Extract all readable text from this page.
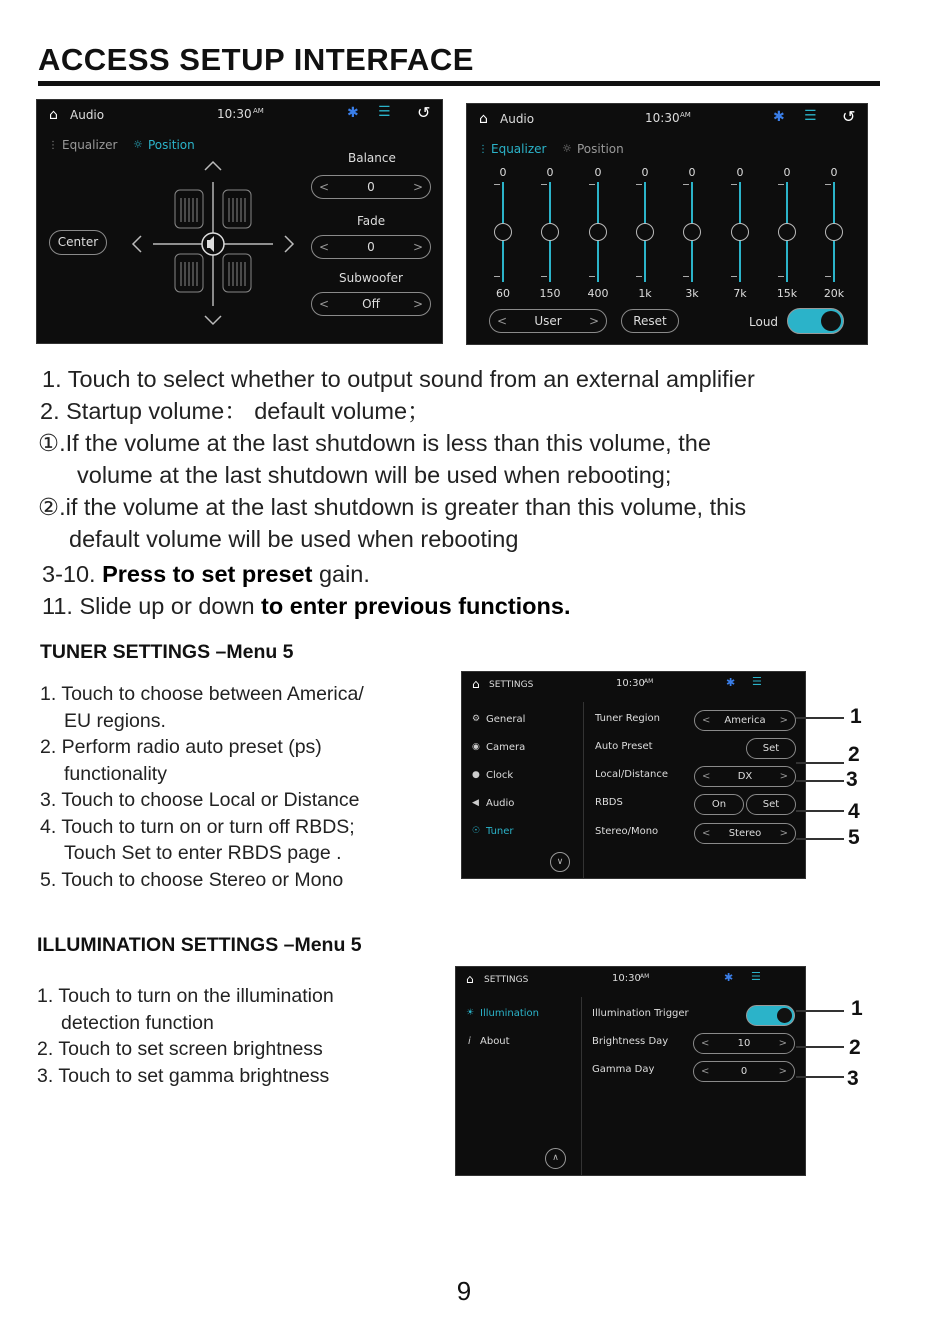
ACCESS SETUP INTERFACE
⌂ Audio	10:30 AM	✱ ☰ ↺
⋮ Equalizer ☼ Position
Center
Balance
<	0	>
Fade
<	0	>
Subwoofer
<	Off	>
⌂ Audio	10:30 AM	✱ ☰ ↺
⋮ Equalizer ☼ Position
0
60
0
150
0
400
0
1k
0
3k
0
7k
0
15k
0
20k
< User >	Reset	Loud

1. Touch to select whether to output sound from an external amplifier

2. Startup volume： default volume；

①.If the volume at the last shutdown is less than this volume, the

volume at the last shutdown will be used when rebooting;

②.if the volume at the last shutdown is greater than this volume, this

default volume will be used when rebooting

3-10. Press to set preset gain.

11. Slide up or down to enter previous functions.

TUNER SETTINGS –Menu 5

1. Touch to choose between America/

EU regions.

2. Perform radio auto preset (ps)

functionality

3. Touch to choose Local or Distance

4. Touch to turn on or turn off RBDS;

Touch Set to enter RBDS page .

5. Touch to choose Stereo or Mono

⌂ SETTINGS	10:30 AM	✱ ☰
⚙ General
◉ Camera
● Clock
◀ Audio
☉ Tuner
∨
Tuner Region	< America >
Auto Preset	Set
Local/Distance	<	DX	>
RBDS	On	Set
Stereo/Mono	< Stereo >
1
2
3
4
5
ILLUMINATION SETTINGS –Menu 5

1. Touch to turn on the illumination

detection function

2. Touch to set screen brightness

3. Touch to set gamma brightness

⌂ SETTINGS	10:30 AM	✱ ☰
☀ Illumination
i About
∧
Illumination Trigger
Brightness Day	<	10	>
Gamma Day	<	0	>
1
2
3
9
